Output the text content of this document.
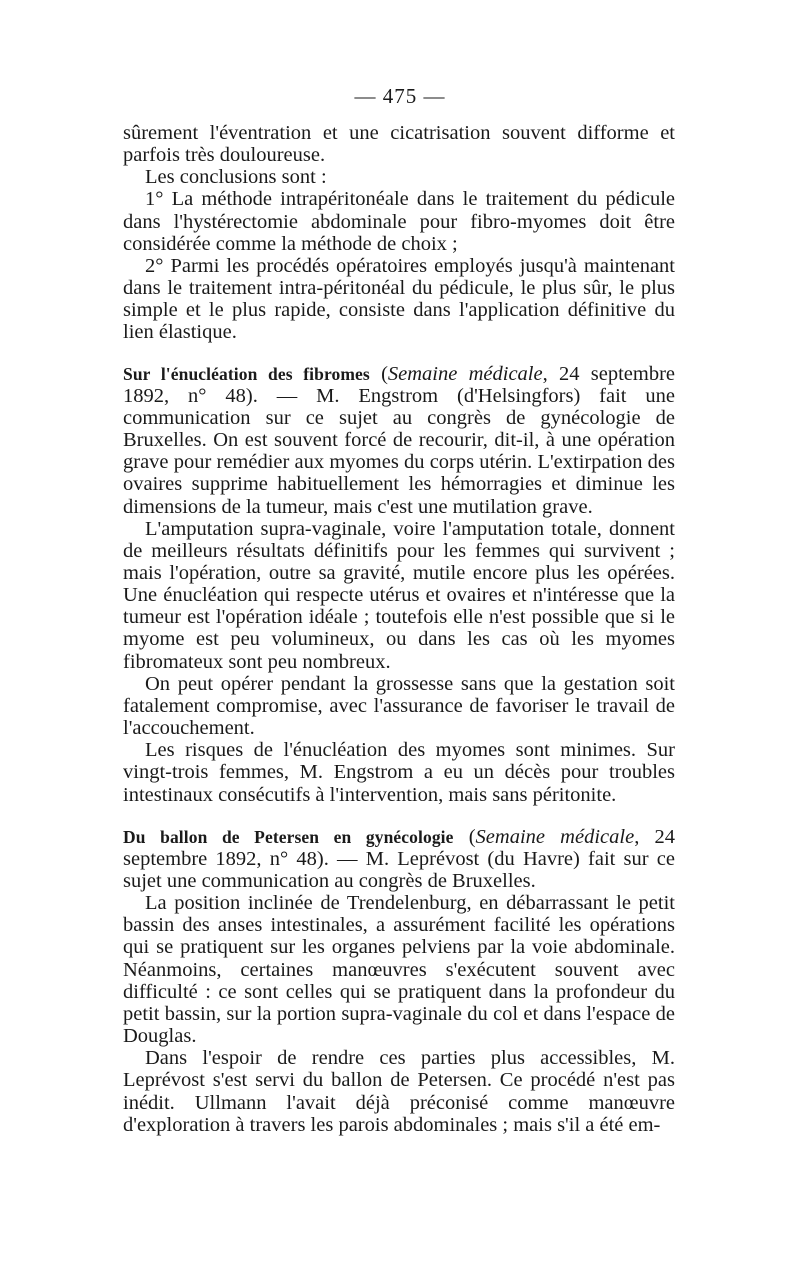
— 475 —

sûrement l'éventration et une cicatrisation souvent difforme et parfois très douloureuse.

Les conclusions sont :

1° La méthode intrapéritonéale dans le traitement du pédicule dans l'hystérectomie abdominale pour fibro-myomes doit être considérée comme la méthode de choix ;

2° Parmi les procédés opératoires employés jusqu'à maintenant dans le traitement intra-péritonéal du pédicule, le plus sûr, le plus simple et le plus rapide, consiste dans l'application définitive du lien élastique.

Sur l'énucléation des fibromes (Semaine médicale, 24 septembre 1892, n° 48). — M. Engstrom (d'Helsingfors) fait une communication sur ce sujet au congrès de gynécologie de Bruxelles. On est souvent forcé de recourir, dit-il, à une opération grave pour remédier aux myomes du corps utérin. L'extirpation des ovaires supprime habituellement les hémorragies et diminue les dimensions de la tumeur, mais c'est une mutilation grave.

L'amputation supra-vaginale, voire l'amputation totale, donnent de meilleurs résultats définitifs pour les femmes qui survivent ; mais l'opération, outre sa gravité, mutile encore plus les opérées. Une énucléation qui respecte utérus et ovaires et n'intéresse que la tumeur est l'opération idéale ; toutefois elle n'est possible que si le myome est peu volumineux, ou dans les cas où les myomes fibromateux sont peu nombreux.

On peut opérer pendant la grossesse sans que la gestation soit fatalement compromise, avec l'assurance de favoriser le travail de l'accouchement.

Les risques de l'énucléation des myomes sont minimes. Sur vingt-trois femmes, M. Engstrom a eu un décès pour troubles intestinaux consécutifs à l'intervention, mais sans péritonite.

Du ballon de Petersen en gynécologie (Semaine médicale, 24 septembre 1892, n° 48). — M. Leprévost (du Havre) fait sur ce sujet une communication au congrès de Bruxelles.

La position inclinée de Trendelenburg, en débarrassant le petit bassin des anses intestinales, a assurément facilité les opérations qui se pratiquent sur les organes pelviens par la voie abdominale. Néanmoins, certaines manœuvres s'exécutent souvent avec difficulté : ce sont celles qui se pratiquent dans la profondeur du petit bassin, sur la portion supra-vaginale du col et dans l'espace de Douglas.

Dans l'espoir de rendre ces parties plus accessibles, M. Leprévost s'est servi du ballon de Petersen. Ce procédé n'est pas inédit. Ullmann l'avait déjà préconisé comme manœuvre d'exploration à travers les parois abdominales ; mais s'il a été em-
